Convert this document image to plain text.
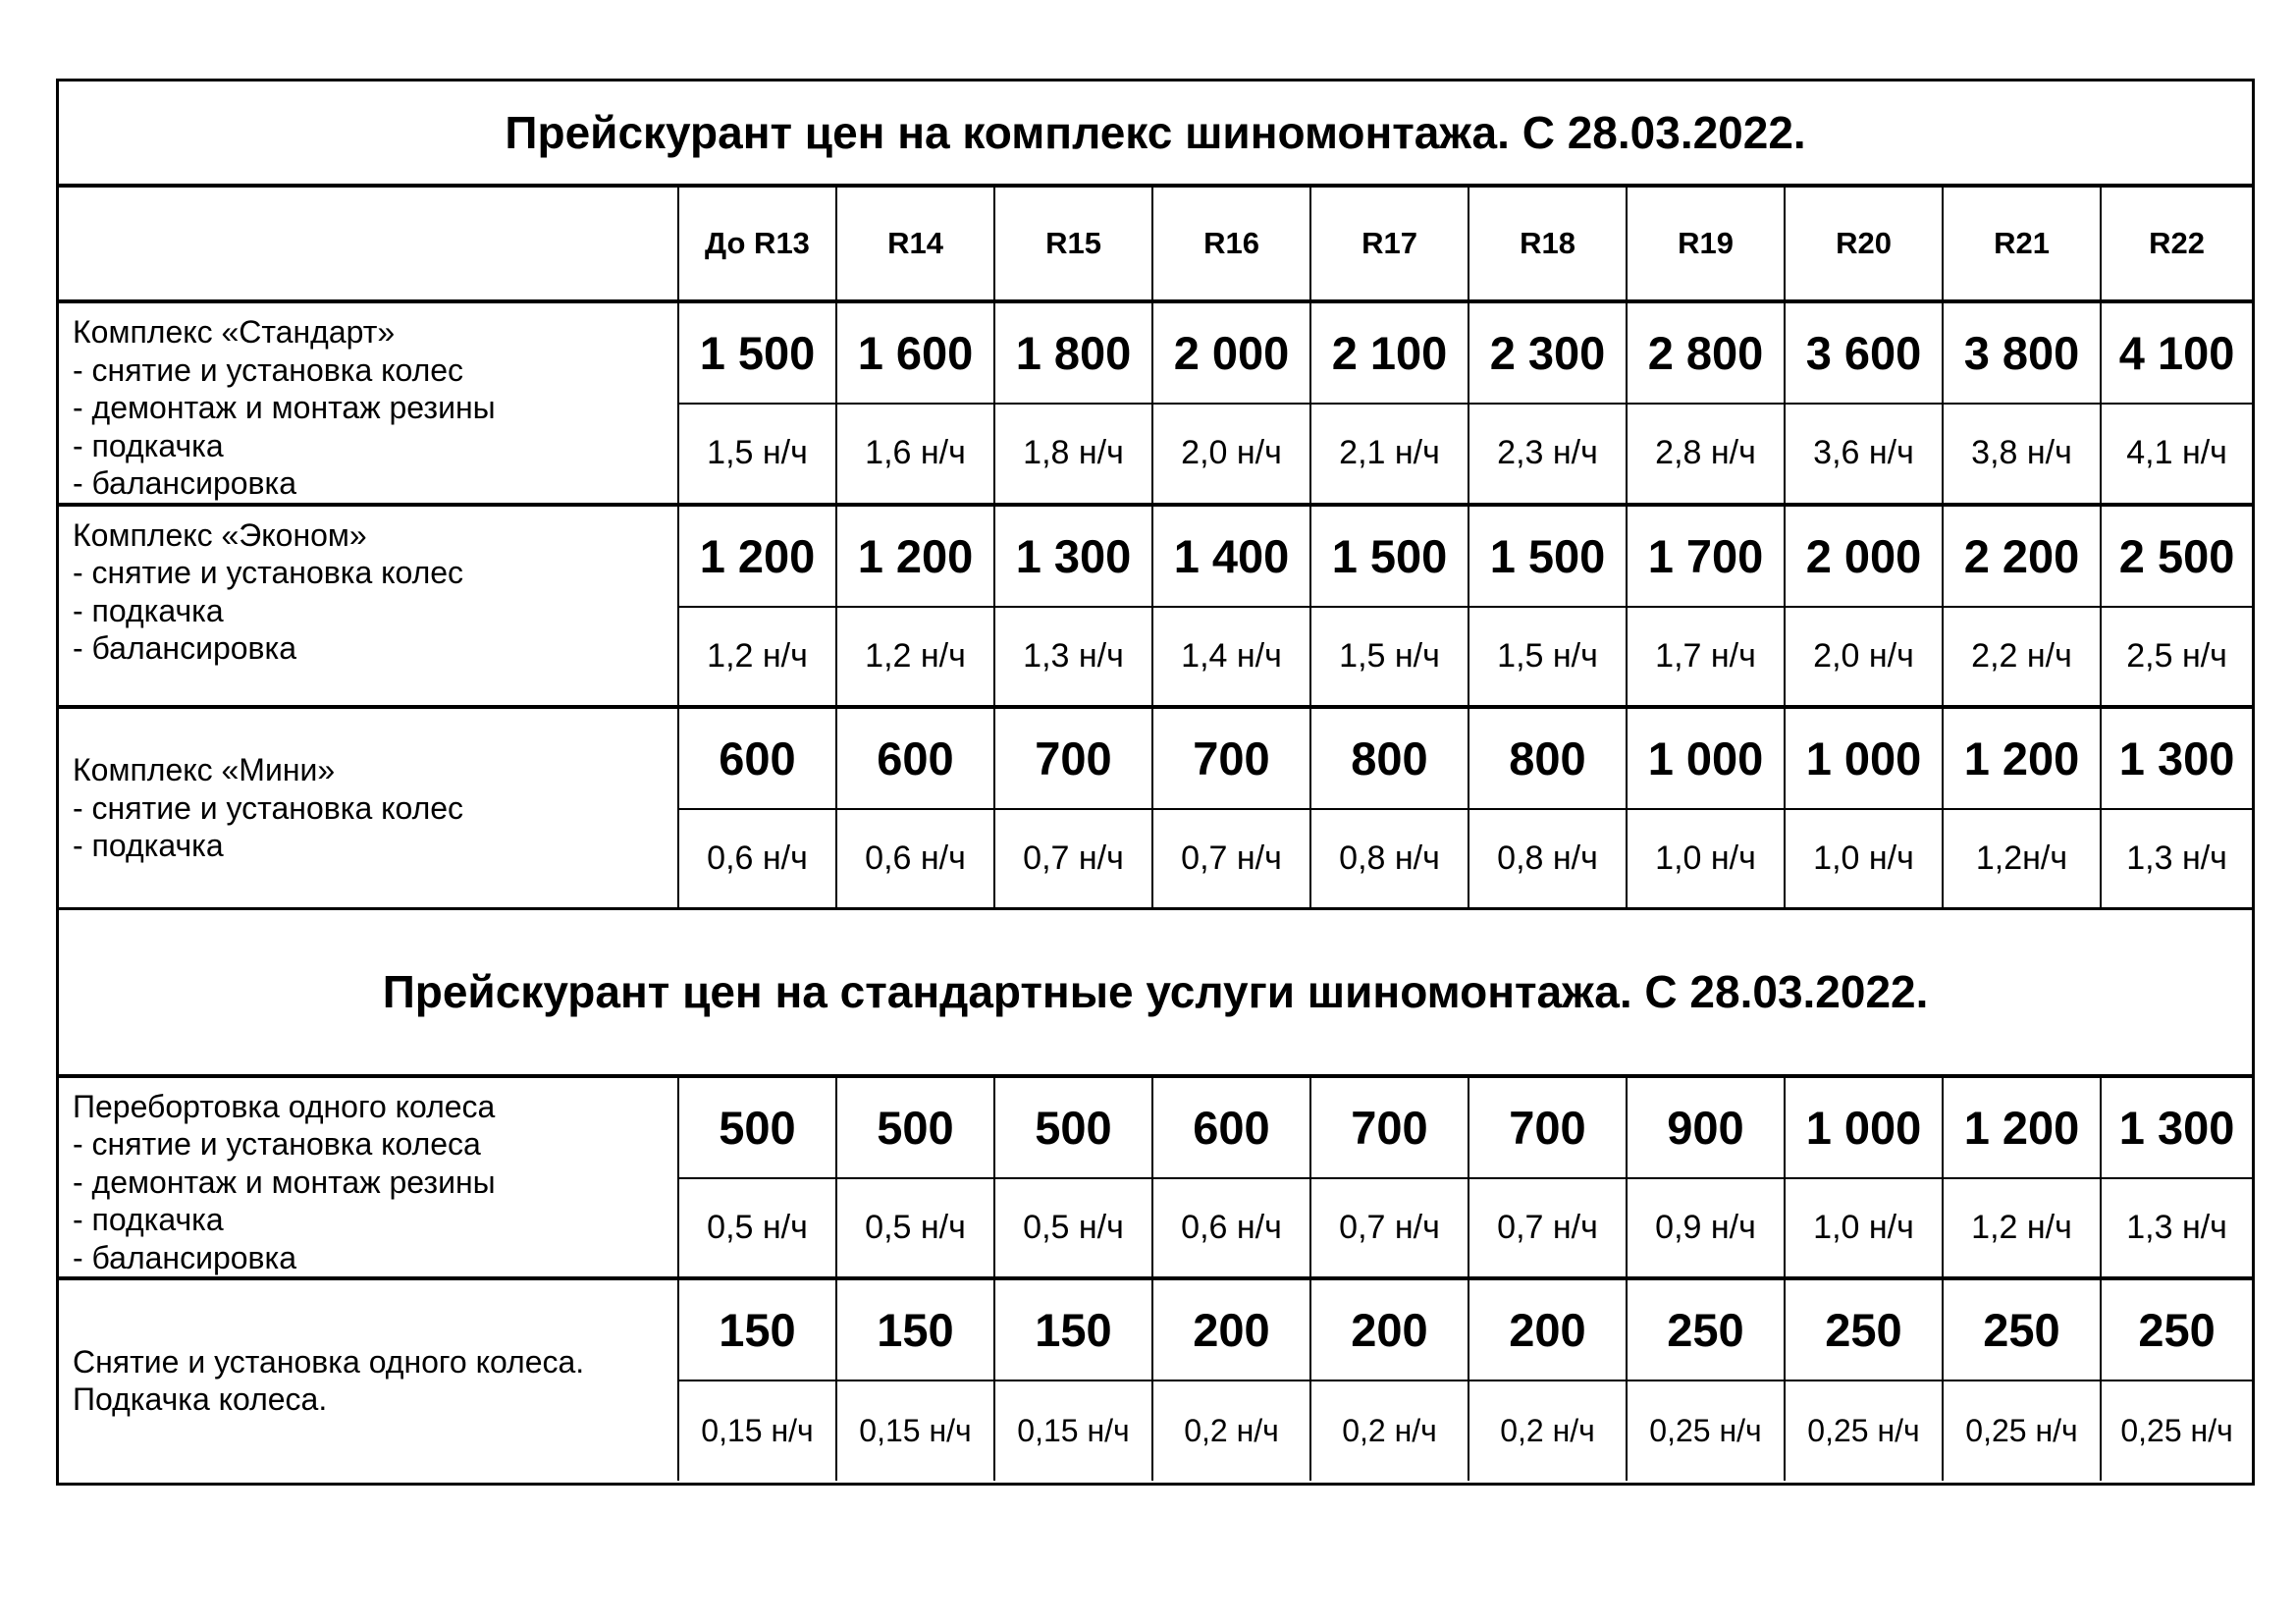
Прейскурант цен на комплекс шиномонтажа. С 28.03.2022.										
	До R13	R14	R15	R16	R17	R18	R19	R20	R21	R22

Комплекс «Стандарт»
- снятие и установка колес
- демонтаж и монтаж резины
- подкачка
- балансировка	1 500	1 600	1 800	2 000	2 100	2 300	2 800	3 600	3 800	4 100
	1,5 н/ч	1,6 н/ч	1,8 н/ч	2,0 н/ч	2,1 н/ч	2,3 н/ч	2,8 н/ч	3,6 н/ч	3,8 н/ч	4,1 н/ч

Комплекс «Эконом»
- снятие и установка колес
- подкачка
- балансировка	1 200	1 200	1 300	1 400	1 500	1 500	1 700	2 000	2 200	2 500
	1,2 н/ч	1,2 н/ч	1,3 н/ч	1,4 н/ч	1,5 н/ч	1,5 н/ч	1,7 н/ч	2,0 н/ч	2,2 н/ч	2,5 н/ч

Комплекс «Мини»
- снятие и установка колес
- подкачка	600	600	700	700	800	800	1 000	1 000	1 200	1 300
	0,6 н/ч	0,6 н/ч	0,7 н/ч	0,7 н/ч	0,8 н/ч	0,8 н/ч	1,0 н/ч	1,0 н/ч	1,2н/ч	1,3 н/ч
Прейскурант цен на стандартные услуги шиномонтажа. С 28.03.2022.										

Перебортовка одного колеса
- снятие и установка колеса
- демонтаж и монтаж резины
- подкачка
- балансировка	500	500	500	600	700	700	900	1 000	1 200	1 300
	0,5 н/ч	0,5 н/ч	0,5 н/ч	0,6 н/ч	0,7 н/ч	0,7 н/ч	0,9 н/ч	1,0 н/ч	1,2 н/ч	1,3 н/ч

Снятие и установка одного колеса.
Подкачка колеса.	150	150	150	200	200	200	250	250	250	250
	0,15 н/ч	0,15 н/ч	0,15 н/ч	0,2 н/ч	0,2 н/ч	0,2 н/ч	0,25 н/ч	0,25 н/ч	0,25 н/ч	0,25 н/ч
